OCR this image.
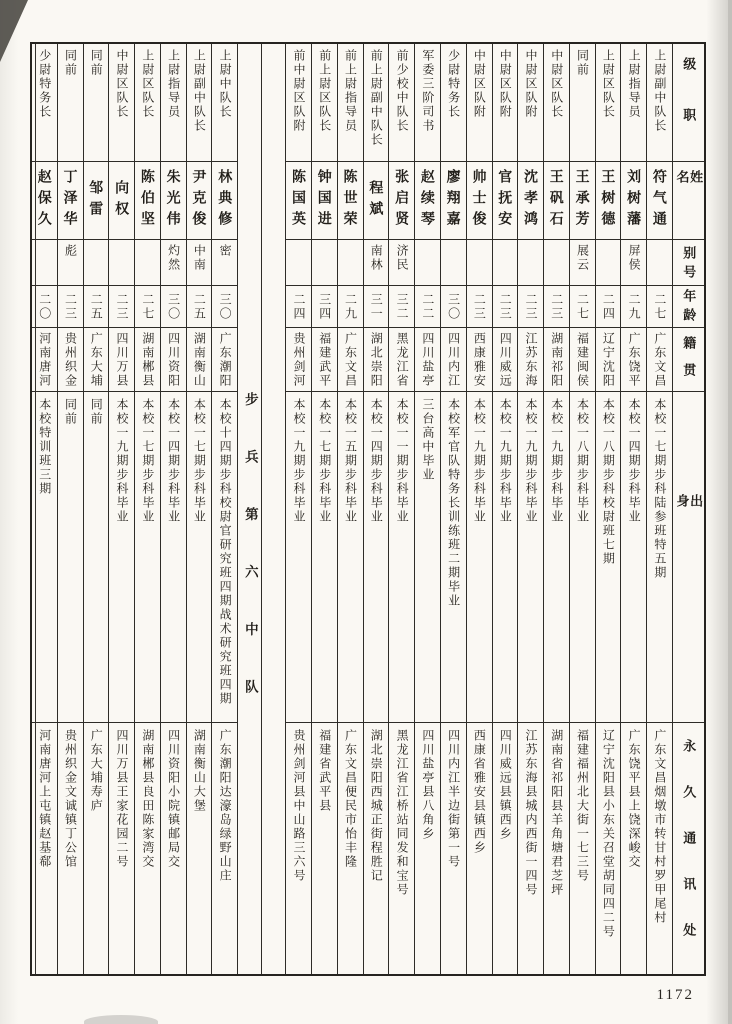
少尉特务长
赵保久
二〇
河南唐河
本校特训班三期
河南唐河上屯镇赵基郗
同前
丁泽华
彪
二三
贵州织金
同前
贵州织金文诚镇丁公馆
同前
邹雷
二五
广东大埔
同前
广东大埔寿庐
中尉区队长
向权
二三
四川万县
本校一九期步科毕业
四川万县王家花园二号
上尉区队长
陈伯坚
二七
湖南郴县
本校一七期步科毕业
湖南郴县良田陈家湾交
上尉指导员
朱光伟
灼然
三〇
四川资阳
本校一四期步科毕业
四川资阳小院镇邮局交
上尉副中队长
尹克俊
中南
二五
湖南衡山
本校一七期步科毕业
湖南衡山大堡
上尉中队长
林典修
密
三〇
广东潮阳
本校十四期步科校尉官研究班四期战术研究班四期
广东潮阳达濠岛绿野山庄
步兵第六中队
前中尉区队附
陈国英
二四
贵州剑河
本校一九期步科毕业
贵州剑河县中山路三六号
前上尉区队长
钟国进
三四
福建武平
本校一七期步科毕业
福建省武平县
前上尉指导员
陈世荣
二九
广东文昌
本校一五期步科毕业
广东文昌便民市怡丰隆
前上尉副中队长
程斌
南林
三一
湖北崇阳
本校一四期步科毕业
湖北崇阳西城正街程胜记
前少校中队长
张启贤
济民
三二
黑龙江省
本校一一期步科毕业
黑龙江省江桥站同发和宝号
军委三阶司书
赵续琴
二二
四川盐亭
三台高中毕业
四川盐亭县八角乡
少尉特务长
廖翔嘉
三〇
四川内江
本校军官队特务长训练班二期毕业
四川内江半边街第一号
中尉区队附
帅士俊
二三
西康雅安
本校一九期步科毕业
西康省雅安县镇西乡
中尉区队附
官抚安
二三
四川威远
本校一九期步科毕业
四川威远县镇西乡
中尉区队附
沈孝鸿
二三
江苏东海
本校一九期步科毕业
江苏东海县城内西街一四号
中尉区队长
王矾石
二三
湖南祁阳
本校一九期步科毕业
湖南省祁阳县羊角塘君芝坪
同前
王承芳
展云
二七
福建闽侯
本校一八期步科毕业
福建福州北大街一七三号
上尉区队长
王树德
二四
辽宁沈阳
本校一八期步科校尉班七期
辽宁沈阳县小东关召堂胡同四二号
上尉指导员
刘树藩
屏侯
二九
广东饶平
本校一四期步科毕业
广东饶平县上饶深峻交
上尉副中队长
符气通
二七
广东文昌
本校一七期步科陆参班特五期
广东文昌烟墩市转甘村罗甲尾村
级职
姓名
别号
年龄
籍贯
出身
永久通讯处
1172
